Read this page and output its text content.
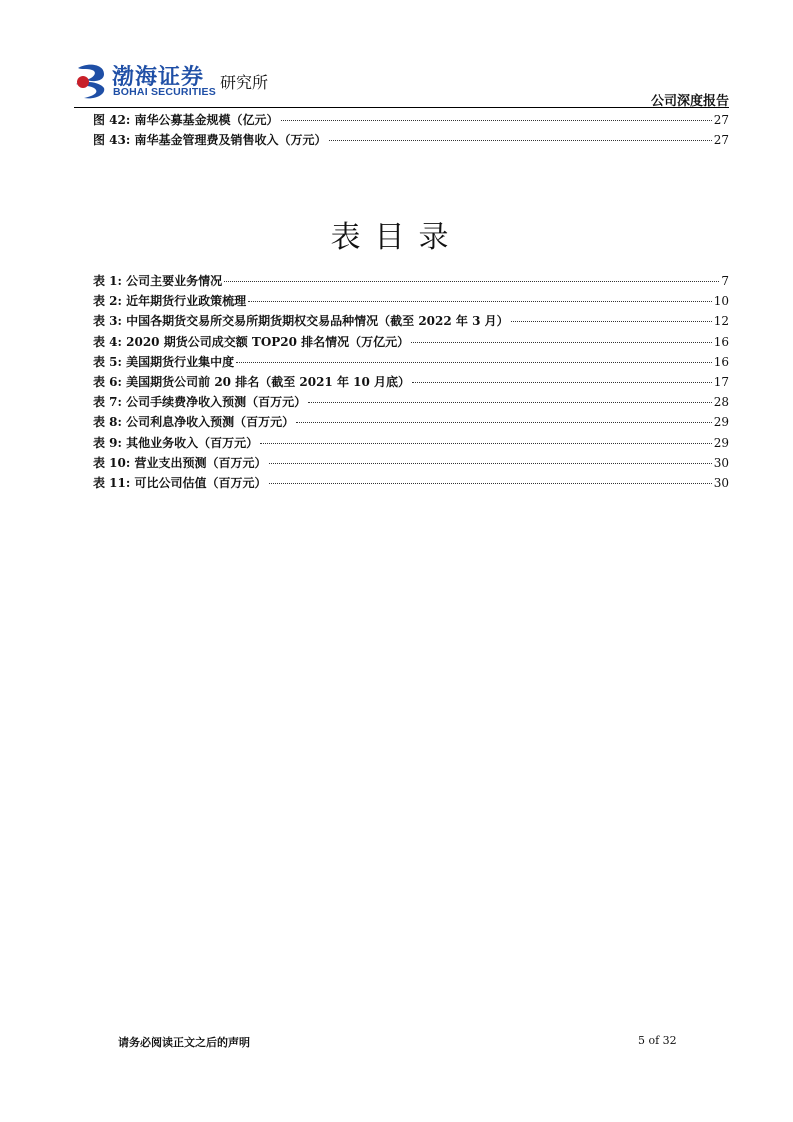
渤海证券
BOHAI SECURITIES 研究所
公司深度报告
图 42: 南华公募基金规模（亿元）	27
图 43: 南华基金管理费及销售收入（万元）	27
表目录
表 1: 公司主要业务情况	7
表 2: 近年期货行业政策梳理	10
表 3: 中国各期货交易所交易所期货期权交易品种情况（截至 2022 年 3 月）	12
表 4: 2020 期货公司成交额 TOP20 排名情况（万亿元）	16
表 5: 美国期货行业集中度	16
表 6: 美国期货公司前 20 排名（截至 2021 年 10 月底）	17
表 7: 公司手续费净收入预测（百万元）	28
表 8: 公司利息净收入预测（百万元）	29
表 9: 其他业务收入（百万元）	29
表 10: 营业支出预测（百万元）	30
表 11: 可比公司估值（百万元）	30
请务必阅读正文之后的声明	5 of 32
